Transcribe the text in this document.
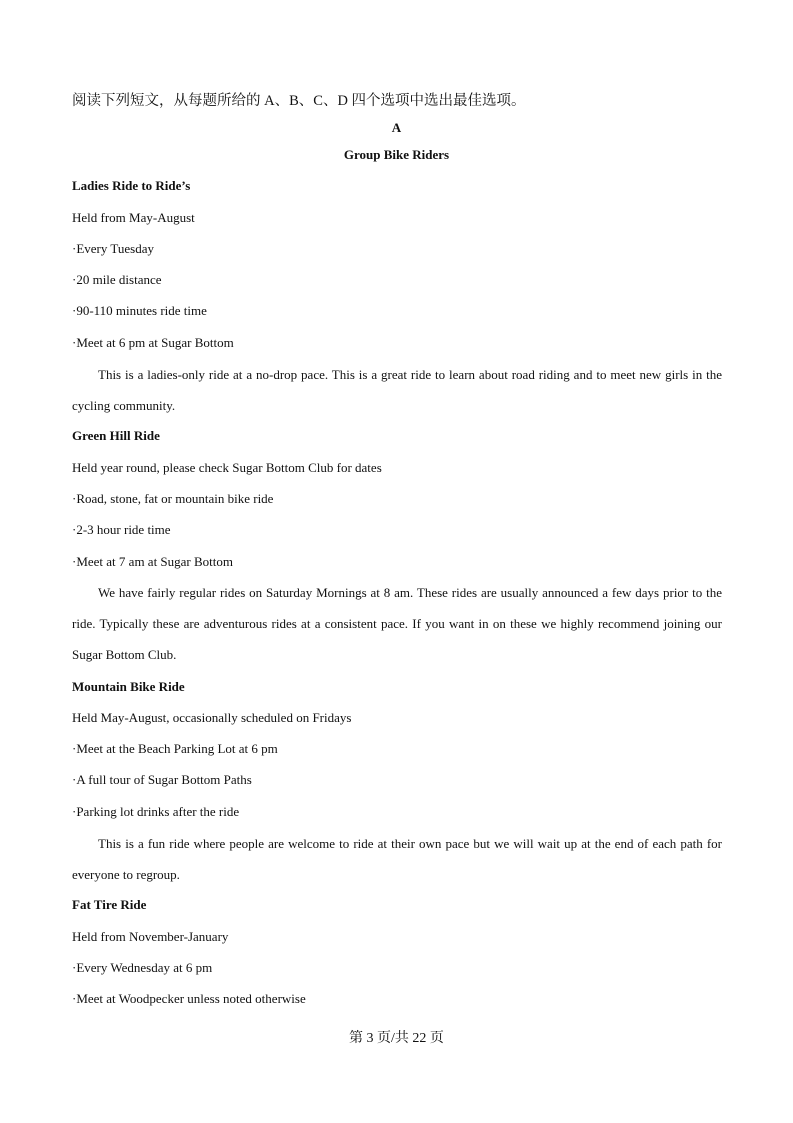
阅读下列短文，从每题所给的 A、B、C、D 四个选项中选出最佳选项。
A
Group Bike Riders
Ladies Ride to Ride’s
Held from May-August
·Every Tuesday
·20 mile distance
·90-110 minutes ride time
·Meet at 6 pm at Sugar Bottom

This is a ladies-only ride at a no-drop pace. This is a great ride to learn about road riding and to meet new girls in the cycling community.

Green Hill Ride
Held year round, please check Sugar Bottom Club for dates
·Road, stone, fat or mountain bike ride
·2-3 hour ride time
·Meet at 7 am at Sugar Bottom

We have fairly regular rides on Saturday Mornings at 8 am. These rides are usually announced a few days prior to the ride. Typically these are adventurous rides at a consistent pace. If you want in on these we highly recommend joining our Sugar Bottom Club.

Mountain Bike Ride
Held May-August, occasionally scheduled on Fridays
·Meet at the Beach Parking Lot at 6 pm
·A full tour of Sugar Bottom Paths
·Parking lot drinks after the ride

This is a fun ride where people are welcome to ride at their own pace but we will wait up at the end of each path for everyone to regroup.

Fat Tire Ride
Held from November-January
·Every Wednesday at 6 pm
·Meet at Woodpecker unless noted otherwise
第 3 页/共 22 页
